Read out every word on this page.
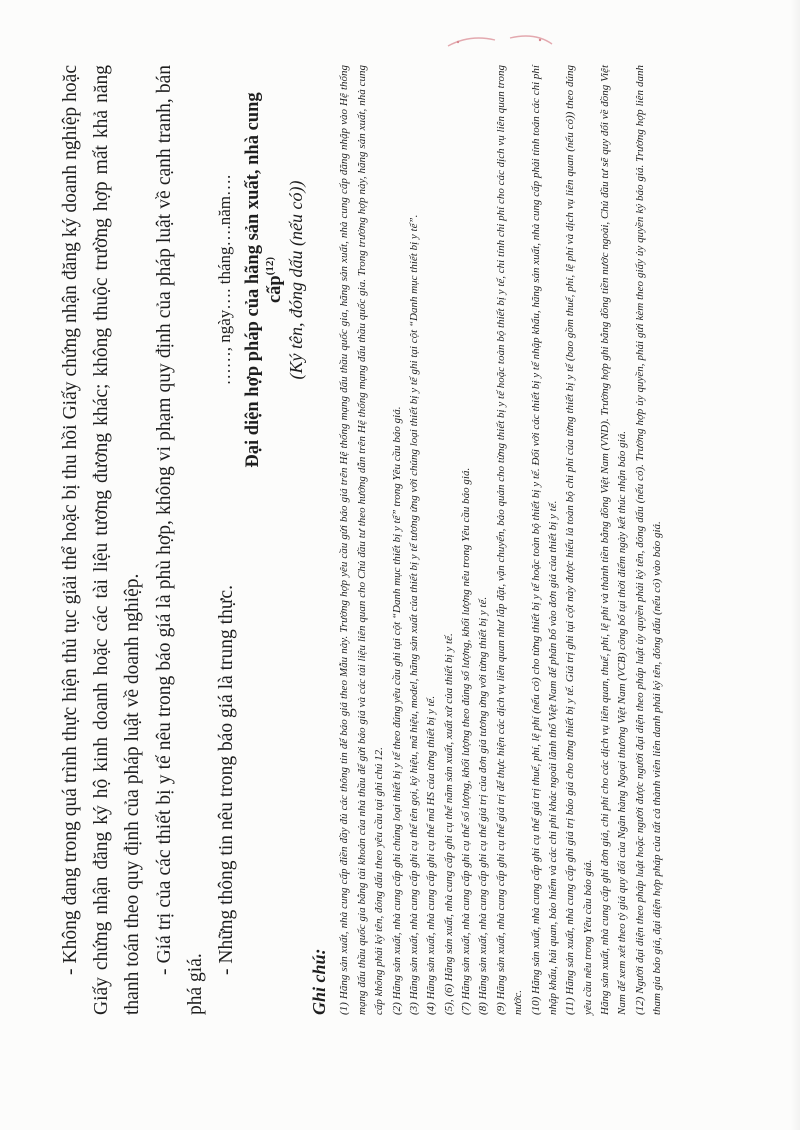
- Không đang trong quá trình thực hiện thủ tục giải thể hoặc bị thu hồi Giấy chứng nhận đăng ký doanh nghiệp hoặc Giấy chứng nhận đăng ký hộ kinh doanh hoặc các tài liệu tương đương khác; không thuộc trường hợp mất khả năng thanh toán theo quy định của pháp luật về doanh nghiệp. - Giá trị của các thiết bị y tế nêu trong báo giá là phù hợp, không vi phạm quy định của pháp luật về cạnh tranh, bán phá giá.

- Những thông tin nêu trong báo giá là trung thực.

……, ngày…. tháng….năm…. Đại diện hợp pháp của hãng sản xuất, nhà cung cấp$^{(12)}$ (Ký tên, đóng dấu (nếu có))
Ghi chú: (1) Hãng sản xuất, nhà cung cấp điền đầy đủ các thông tin để báo giá theo Mẫu này. Trường hợp yêu cầu gửi báo giá trên Hệ thống mạng đấu thầu quốc gia, hãng sản xuất, nhà cung cấp đăng nhập vào Hệ thống mạng đấu thầu quốc gia bằng tài khoản của nhà thầu để gửi báo giá và các tài liệu liên quan cho Chủ đầu tư theo hướng dẫn trên Hệ thống mạng đấu thầu quốc gia. Trong trường hợp này, hãng sản xuất, nhà cung cấp không phải ký tên, đóng dấu theo yêu cầu tại ghi chú 12. (2) Hãng sản xuất, nhà cung cấp ghi chủng loại thiết bị y tế theo đúng yêu cầu ghi tại cột “Danh mục thiết bị y tế” trong Yêu cầu báo giá. (3) Hãng sản xuất, nhà cung cấp ghi cụ thể tên gọi, ký hiệu, mã hiệu, model, hãng sản xuất của thiết bị y tế tương ứng với chủng loại thiết bị y tế ghi tại cột “Danh mục thiết bị y tế”. (4) Hãng sản xuất, nhà cung cấp ghi cụ thể mã HS của từng thiết bị y tế. (5), (6) Hãng sản xuất, nhà cung cấp ghi cụ thể năm sản xuất, xuất xứ của thiết bị y tế. (7) Hãng sản xuất, nhà cung cấp ghi cụ thể số lượng, khối lượng theo đúng số lượng, khối lượng nêu trong Yêu cầu báo giá. (8) Hãng sản xuất, nhà cung cấp ghi cụ thể giá trị của đơn giá tương ứng với từng thiết bị y tế. (9) Hãng sản xuất, nhà cung cấp ghi cụ thể giá trị để thực hiện các dịch vụ liên quan như lắp đặt, vận chuyển, bảo quản cho từng thiết bị y tế hoặc toàn bộ thiết bị y tế, chi tính chi phí cho các dịch vụ liên quan trong nước. (10) Hãng sản xuất, nhà cung cấp ghi cụ thể giá trị thuế, phí, lệ phí (nếu có) cho từng thiết bị y tế hoặc toàn bộ thiết bị y tế. Đối với các thiết bị y tế nhập khẩu, hãng sản xuất, nhà cung cấp phải tính toán các chi phí nhập khẩu, hải quan, bảo hiểm và các chi phí khác ngoài lãnh thổ Việt Nam để phân bổ vào đơn giá của thiết bị y tế. (11) Hãng sản xuất, nhà cung cấp ghi giá trị báo giá cho từng thiết bị y tế. Giá trị ghi tại cột này được hiểu là toàn bộ chi phí của từng thiết bị y tế (bao gồm thuế, phí, lệ phí và dịch vụ liên quan (nếu có)) theo đúng yêu cầu nêu trong Yêu cầu báo giá. Hãng sản xuất, nhà cung cấp ghi đơn giá, chi phí cho các dịch vụ liên quan, thuế, phí, lệ phí và thành tiền bằng đồng Việt Nam (VND). Trường hợp ghi bằng đồng tiền nước ngoài, Chủ đầu tư sẽ quy đổi về đồng Việt Nam để xem xét theo tỷ giá quy đổi của Ngân hàng Ngoại thương Việt Nam (VCB) công bố tại thời điểm ngày kết thúc nhận báo giá. (12) Người đại diện theo pháp luật hoặc người được người đại diện theo pháp luật ủy quyền phải ký tên, đóng dấu (nếu có). Trường hợp ủy quyền, phải gửi kèm theo giấy ủy quyền ký báo giá. Trường hợp liên danh tham gia báo giá, đại diện hợp pháp của tất cả thành viên liên danh phải ký tên, đóng dấu (nếu có) vào báo giá.
